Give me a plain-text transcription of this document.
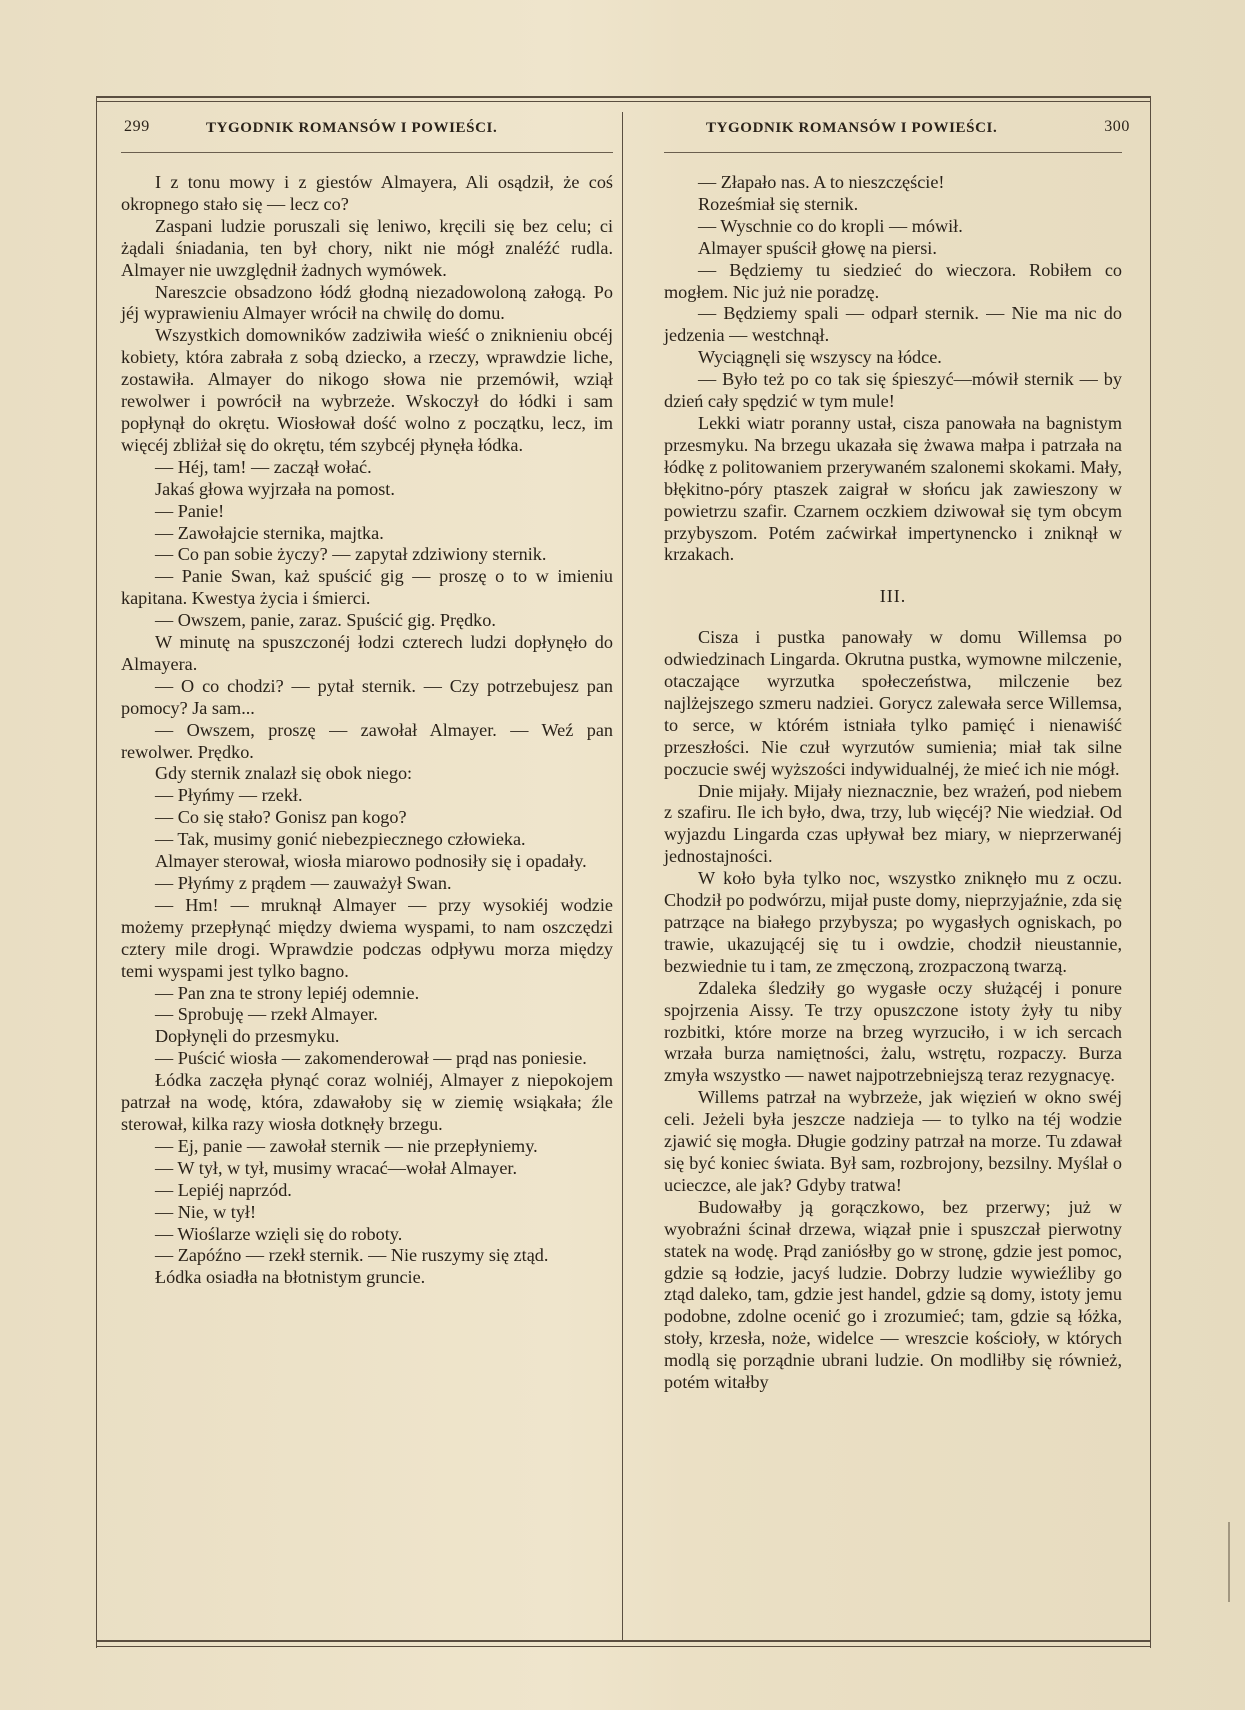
299	TYGODNIK ROMANSÓW I POWIEŚCI.	TYGODNIK ROMANSÓW I POWIEŚCI.	300

I z tonu mowy i z giestów Almayera, Ali osądził, że coś okropnego stało się — lecz co?

Zaspani ludzie poruszali się leniwo, kręcili się bez celu; ci żądali śniadania, ten był chory, nikt nie mógł znaléźć rudla. Almayer nie uwzględnił żadnych wymówek.

Nareszcie obsadzono łódź głodną niezadowoloną załogą. Po jéj wyprawieniu Almayer wrócił na chwilę do domu.

Wszystkich domowników zadziwiła wieść o zniknieniu obcéj kobiety, która zabrała z sobą dziecko, a rzeczy, wprawdzie liche, zostawiła. Almayer do nikogo słowa nie przemówił, wziął rewolwer i powrócił na wybrzeże. Wskoczył do łódki i sam popłynął do okrętu. Wiosłował dość wolno z początku, lecz, im więcéj zbliżał się do okrętu, tém szybcéj płynęła łódka.

— Héj, tam! — zaczął wołać.

Jakaś głowa wyjrzała na pomost.

— Panie!

— Zawołajcie sternika, majtka.

— Co pan sobie życzy? — zapytał zdziwiony sternik.

— Panie Swan, każ spuścić gig — proszę o to w imieniu kapitana. Kwestya życia i śmierci.

— Owszem, panie, zaraz. Spuścić gig. Prędko.

W minutę na spuszczonéj łodzi czterech ludzi dopłynęło do Almayera.

— O co chodzi? — pytał sternik. — Czy potrzebujesz pan pomocy? Ja sam...

— Owszem, proszę — zawołał Almayer. — Weź pan rewolwer. Prędko.

Gdy sternik znalazł się obok niego:

— Płyńmy — rzekł.

— Co się stało? Gonisz pan kogo?

— Tak, musimy gonić niebezpiecznego człowieka.

Almayer sterował, wiosła miarowo podnosiły się i opadały.

— Płyńmy z prądem — zauważył Swan.

— Hm! — mruknął Almayer — przy wysokiéj wodzie możemy przepłynąć między dwiema wyspami, to nam oszczędzi cztery mile drogi. Wprawdzie podczas odpływu morza między temi wyspami jest tylko bagno.

— Pan zna te strony lepiéj odemnie.

— Sprobuję — rzekł Almayer.

Dopłynęli do przesmyku.

— Puścić wiosła — zakomenderował — prąd nas poniesie.

Łódka zaczęła płynąć coraz wolniéj, Almayer z niepokojem patrzał na wodę, która, zdawałoby się w ziemię wsiąkała; źle sterował, kilka razy wiosła dotknęły brzegu.

— Ej, panie — zawołał sternik — nie przepłyniemy.

— W tył, w tył, musimy wracać—wołał Almayer.

— Lepiéj naprzód.

— Nie, w tył!

— Wioślarze wzięli się do roboty.

— Zapóźno — rzekł sternik. — Nie ruszymy się ztąd.

Łódka osiadła na błotnistym gruncie.

— Złapało nas. A to nieszczęście!

Roześmiał się sternik.

— Wyschnie co do kropli — mówił.

Almayer spuścił głowę na piersi.

— Będziemy tu siedzieć do wieczora. Robiłem co mogłem. Nic już nie poradzę.

— Będziemy spali — odparł sternik. — Nie ma nic do jedzenia — westchnął.

Wyciągnęli się wszyscy na łódce.

— Było też po co tak się śpieszyć—mówił sternik — by dzień cały spędzić w tym mule!

Lekki wiatr poranny ustał, cisza panowała na bagnistym przesmyku. Na brzegu ukazała się żwawa małpa i patrzała na łódkę z politowaniem przerywaném szalonemi skokami. Mały, błękitno-póry ptaszek zaigrał w słońcu jak zawieszony w powietrzu szafir. Czarnem oczkiem dziwował się tym obcym przybyszom. Potém zaćwirkał impertynencko i zniknął w krzakach.

III.

Cisza i pustka panowały w domu Willemsa po odwiedzinach Lingarda. Okrutna pustka, wymowne milczenie, otaczające wyrzutka społeczeństwa, milczenie bez najlżejszego szmeru nadziei. Gorycz zalewała serce Willemsa, to serce, w którém istniała tylko pamięć i nienawiść przeszłości. Nie czuł wyrzutów sumienia; miał tak silne poczucie swéj wyższości indywidualnéj, że mieć ich nie mógł.

Dnie mijały. Mijały nieznacznie, bez wrażeń, pod niebem z szafiru. Ile ich było, dwa, trzy, lub więcéj? Nie wiedział. Od wyjazdu Lingarda czas upływał bez miary, w nieprzerwanéj jednostajności.

W koło była tylko noc, wszystko zniknęło mu z oczu. Chodził po podwórzu, mijał puste domy, nieprzyjaźnie, zda się patrzące na białego przybysza; po wygasłych ogniskach, po trawie, ukazującéj się tu i owdzie, chodził nieustannie, bezwiednie tu i tam, ze zmęczoną, zrozpaczoną twarzą.

Zdaleka śledziły go wygasłe oczy służącéj i ponure spojrzenia Aissy. Te trzy opuszczone istoty żyły tu niby rozbitki, które morze na brzeg wyrzuciło, i w ich sercach wrzała burza namiętności, żalu, wstrętu, rozpaczy. Burza zmyła wszystko — nawet najpotrzebniejszą teraz rezygnacyę.

Willems patrzał na wybrzeże, jak więzień w okno swéj celi. Jeżeli była jeszcze nadzieja — to tylko na téj wodzie zjawić się mogła. Długie godziny patrzał na morze. Tu zdawał się być koniec świata. Był sam, rozbrojony, bezsilny. Myślał o ucieczce, ale jak? Gdyby tratwa!

Budowałby ją gorączkowo, bez przerwy; już w wyobraźni ścinał drzewa, wiązał pnie i spuszczał pierwotny statek na wodę. Prąd zaniósłby go w stronę, gdzie jest pomoc, gdzie są łodzie, jacyś ludzie. Dobrzy ludzie wywieźliby go ztąd daleko, tam, gdzie jest handel, gdzie są domy, istoty jemu podobne, zdolne ocenić go i zrozumieć; tam, gdzie są łóżka, stoły, krzesła, noże, widelce — wreszcie kościoły, w których modlą się porządnie ubrani ludzie. On modliłby się również, potém witałby
